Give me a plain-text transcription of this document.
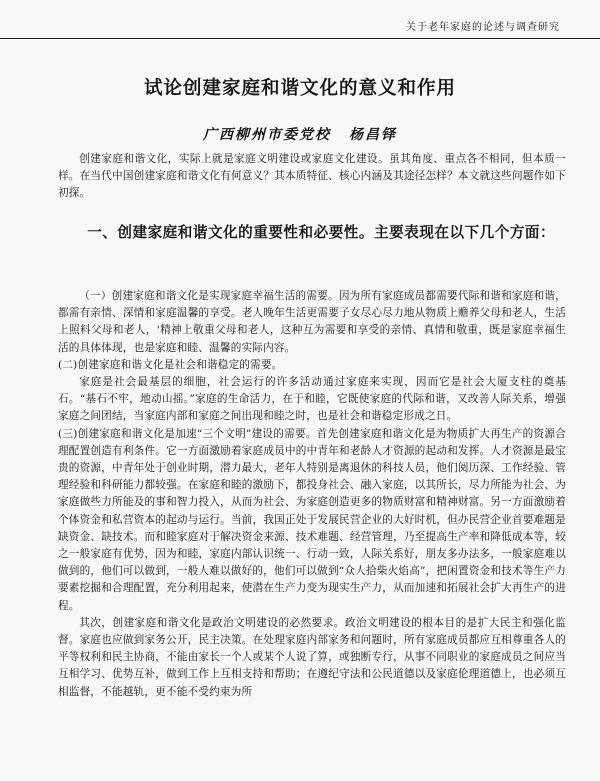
关于老年家庭的论述与调查研究
试论创建家庭和谐文化的意义和作用
广西柳州市委党校 杨昌铎

创建家庭和谐文化，实际上就是家庭文明建设或家庭文化建设。虽其角度、重点各不相同，但本质一样。在当代中国创建家庭和谐文化有何意义？其本质特征、核心内涵及其途径怎样？本文就这些问题作如下初探。

一、创建家庭和谐文化的重要性和必要性。主要表现在以下几个方面：

（一）创建家庭和谐文化是实现家庭幸福生活的需要。因为所有家庭成员都需要代际和谐和家庭和谐，都需有亲情、深情和家庭温馨的享受。老人晚年生活更需要子女尽心尽力地从物质上赡养父母和老人，生活上照料父母和老人，'精神上敬重父母和老人，这种互为需要和享受的亲情、真情和敬重，既是家庭幸福生活的具体体现，也是家庭和睦、温馨的实际内容。

(二)创建家庭和谐文化是社会和谐稳定的需要。

家庭是社会最基层的细胞，社会运行的许多活动通过家庭来实现，因而它是社会大厦支柱的奠基石。“基石不牢，地动山摇。”家庭的生命活力，在于和睦，它既使家庭的代际和谐，又改善人际关系，增强家庭之间团结，当家庭内部和家庭之间出现和睦之时，也是社会和谐稳定形成之日。

(三)创建家庭和谐文化是加速“三个文明”建设的需要。首先创建家庭和谐文化是为物质扩大再生产的资源合理配置创造有利条件。它一方面激励着家庭成员中的中青年和老龄人才资源的起动和发挥。人才资源是最宝贵的资源，中青年处于创业时期，潜力最大，老年人特别是离退休的科技人员，他们阅历深、工作经验、管理经验和科研能力都较强。在家庭和睦的激励下，都投身社会、融入家庭，以其所长，尽力所能为社会、为家庭做些力所能及的事和智力投入，从而为社会、为家庭创造更多的物质财富和精神财富。另一方面激励着个体资金和私营资本的起动与运行。当前，我国正处于发展民营企业的大好时机，但办民营企业首要难题是缺资金、缺技术。而和睦家庭对于解决资金来源、技术难题、经营管理，乃至提高生产率和降低成本等，较之一般家庭有优势，因为和睦，家庭内部认识统一、行动一致，人际关系好，朋友多办法多，一般家庭难以做到的，他们可以做到，一般人难以做好的，他们可以做到“众人拾柴火焰高”，把闲置资金和技术等生产力要素挖掘和合理配置，充分利用起来，使潜在生产力变为现实生产力，从而加速和拓展社会扩大再生产的进程。

其次，创建家庭和谐文化是政治文明建设的必然要求。政治文明建设的根本目的是扩大民主和强化监督。家庭也应做到家务公开，民主决策。在处理家庭内部家务和问题时，所有家庭成员都应互相尊重各人的平等权利和民主协商，不能由家长一个人或某个人说了算，或独断专行，从事不同职业的家庭成员之间应当互相学习、优势互补，做到工作上互相支持和帮助；在遵纪守法和公民道德以及家庭伦理道德上，也必须互相监督，不能越轨，更不能不受约束为所
